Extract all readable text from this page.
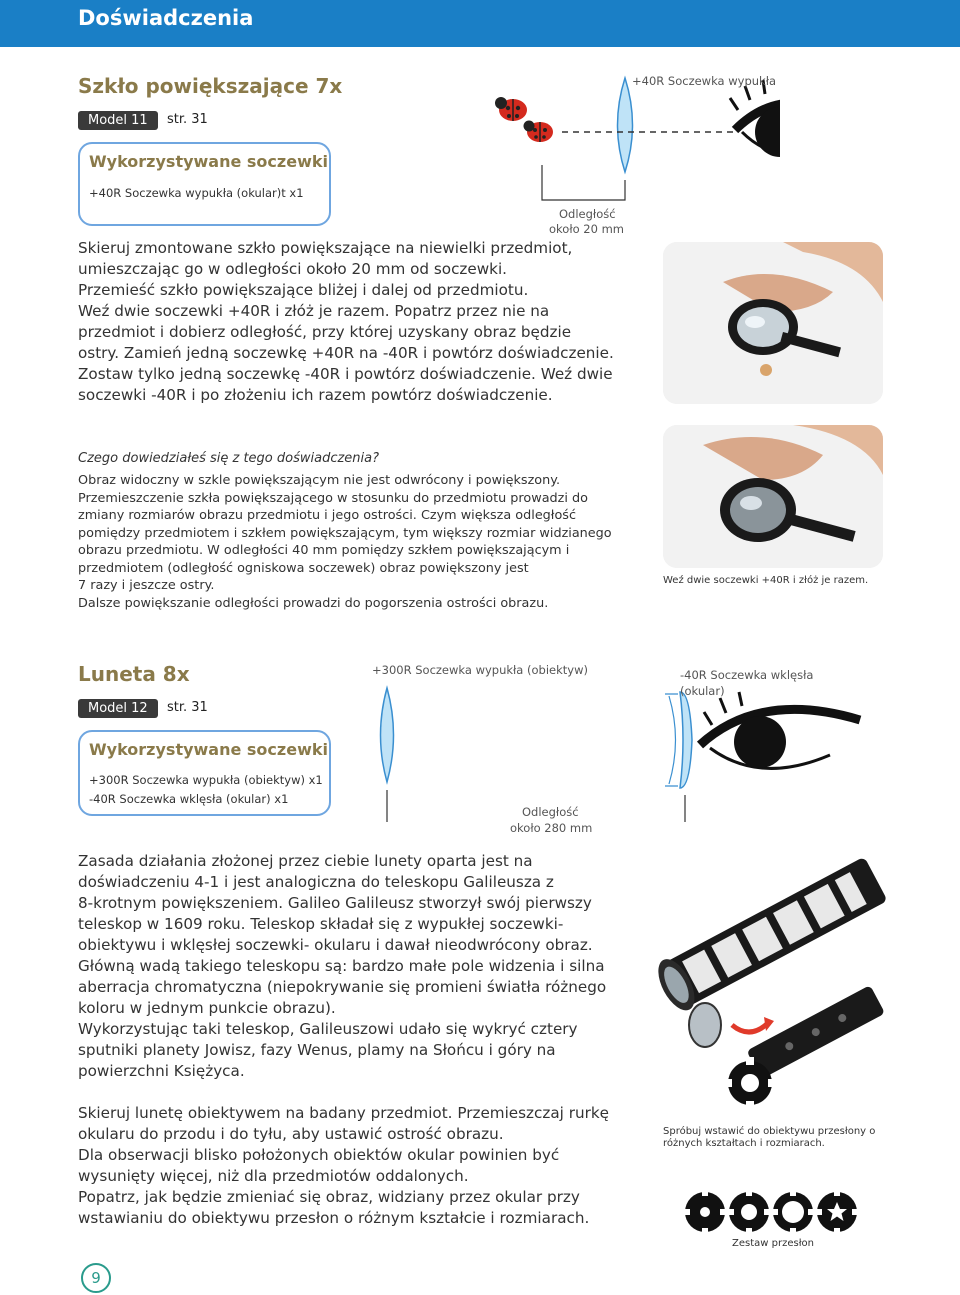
Doświadczenia
Szkło powiększające 7x
Model 11	str. 31
Wykorzystywane soczewki
+40R Soczewka wypukła (okular)t x1
+40R Soczewka wypukła
Odległość
około 20 mm
Skieruj zmontowane szkło powiększające na niewielki przedmiot,
umieszczając go w odległości około 20 mm od soczewki.
Przemieść szkło powiększające bliżej i dalej od przedmiotu.
Weź dwie soczewki +40R i złóż je razem. Popatrz przez nie na
przedmiot i dobierz odległość, przy której uzyskany obraz będzie
ostry. Zamień jedną soczewkę +40R na -40R i powtórz doświadczenie.
Zostaw tylko jedną soczewkę -40R i powtórz doświadczenie. Weź dwie
soczewki -40R i po złożeniu ich razem powtórz doświadczenie.
Czego dowiedziałeś się z tego doświadczenia?
Obraz widoczny w szkle powiększającym nie jest odwrócony i powiększony.
Przemieszczenie szkła powiększającego w stosunku do przedmiotu prowadzi do
zmiany rozmiarów obrazu przedmiotu i jego ostrości. Czym większa odległość
pomiędzy przedmiotem i szkłem powiększającym, tym większy rozmiar widzianego
obrazu przedmiotu. W odległości 40 mm pomiędzy szkłem powiększającym i
przedmiotem (odległość ogniskowa soczewek) obraz powiększony jest
7 razy i jeszcze ostry.
Dalsze powiększanie odległości prowadzi do pogorszenia ostrości obrazu.
Weź dwie soczewki +40R i złóż je razem.
Luneta 8x
Model 12	str. 31
Wykorzystywane soczewki
+300R Soczewka wypukła (obiektyw) x1
-40R Soczewka wklęsła (okular) x1
+300R Soczewka wypukła (obiektyw)	-40R Soczewka wklęsła
(okular)
Odległość
około 280 mm
Zasada działania złożonej przez ciebie lunety oparta jest na
doświadczeniu 4-1 i jest analogiczna do teleskopu Galileusza z
8-krotnym powiększeniem. Galileo Galileusz stworzył swój pierwszy
teleskop w 1609 roku. Teleskop składał się z wypukłej soczewki-
obiektywu i wklęsłej soczewki- okularu i dawał nieodwrócony obraz.
Główną wadą takiego teleskopu są: bardzo małe pole widzenia i silna
aberracja chromatyczna (niepokrywanie się promieni światła różnego
koloru w jednym punkcie obrazu).
Wykorzystując taki teleskop, Galileuszowi udało się wykryć cztery
sputniki planety Jowisz, fazy Wenus, plamy na Słońcu i góry na
powierzchni Księżyca.
Skieruj lunetę obiektywem na badany przedmiot. Przemieszczaj rurkę
okularu do przodu i do tyłu, aby ustawić ostrość obrazu.
Dla obserwacji blisko położonych obiektów okular powinien być
wysunięty więcej, niż dla przedmiotów oddalonych.
Popatrz, jak będzie zmieniać się obraz, widziany przez okular przy
wstawianiu do obiektywu przesłon o różnym kształcie i rozmiarach.
Spróbuj wstawić do obiektywu przesłony o
różnych kształtach i rozmiarach.
Zestaw przesłon
9
